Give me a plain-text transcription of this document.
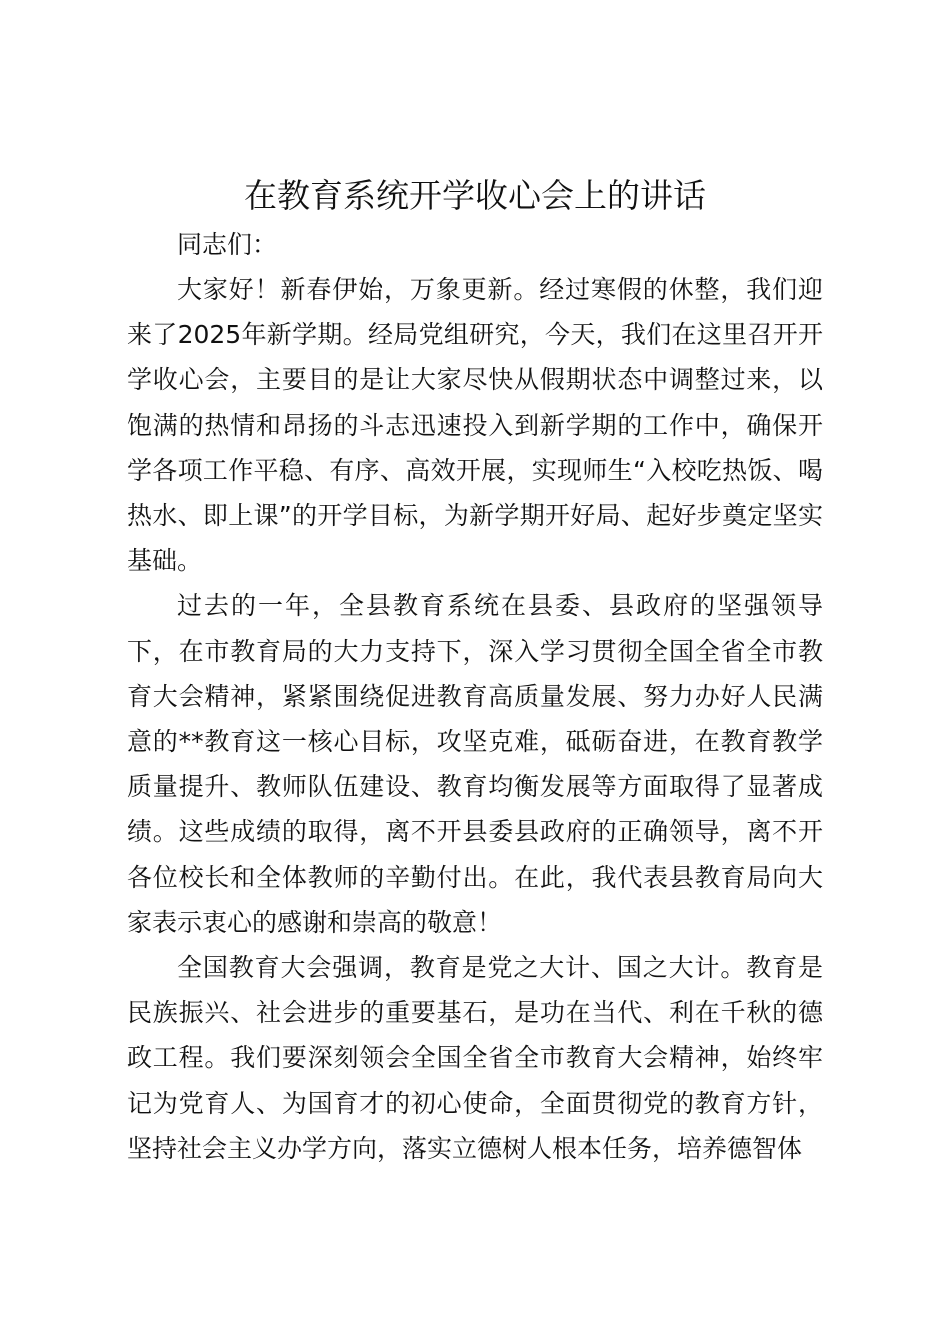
在教育系统开学收心会上的讲话

同志们：

大家好！新春伊始，万象更新。经过寒假的休整，我们迎来了2025年新学期。经局党组研究，今天，我们在这里召开开学收心会，主要目的是让大家尽快从假期状态中调整过来，以饱满的热情和昂扬的斗志迅速投入到新学期的工作中，确保开学各项工作平稳、有序、高效开展，实现师生“入校吃热饭、喝热水、即上课”的开学目标，为新学期开好局、起好步奠定坚实基础。

过去的一年，全县教育系统在县委、县政府的坚强领导下，在市教育局的大力支持下，深入学习贯彻全国全省全市教育大会精神，紧紧围绕促进教育高质量发展、努力办好人民满意的**教育这一核心目标，攻坚克难，砥砺奋进，在教育教学质量提升、教师队伍建设、教育均衡发展等方面取得了显著成绩。这些成绩的取得，离不开县委县政府的正确领导，离不开各位校长和全体教师的辛勤付出。在此，我代表县教育局向大家表示衷心的感谢和崇高的敬意！

全国教育大会强调，教育是党之大计、国之大计。教育是民族振兴、社会进步的重要基石，是功在当代、利在千秋的德政工程。我们要深刻领会全国全省全市教育大会精神，始终牢记为党育人、为国育才的初心使命，全面贯彻党的教育方针，坚持社会主义办学方向，落实立德树人根本任务，培养德智体
